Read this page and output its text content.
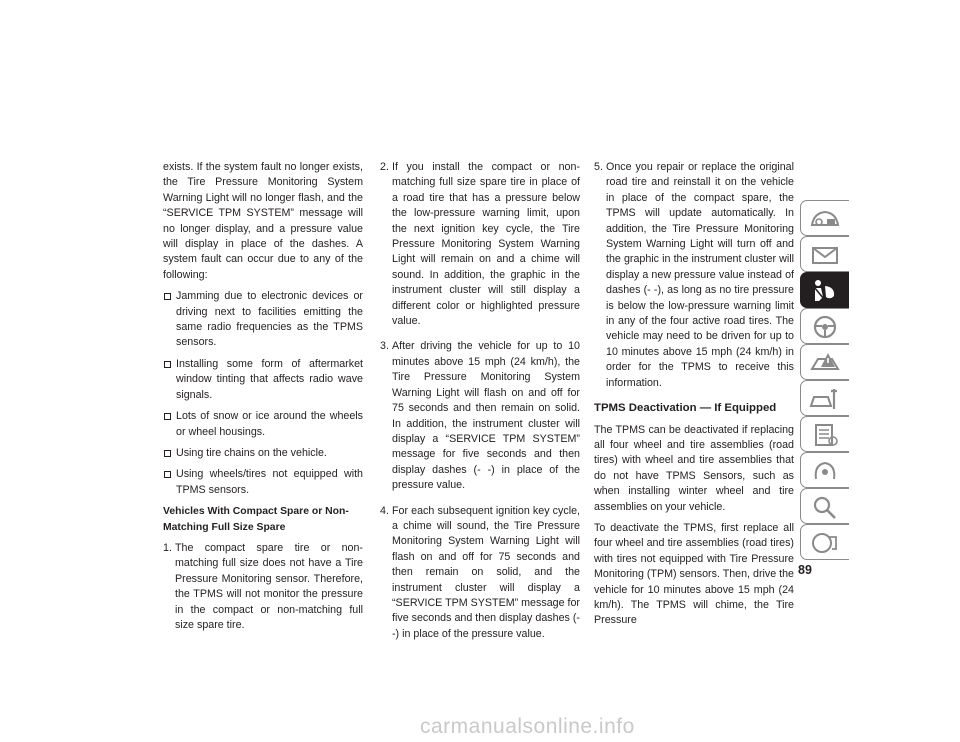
exists. If the system fault no longer exists, the Tire Pressure Monitoring System Warning Light will no longer flash, and the “SERVICE TPM SYSTEM” message will no longer display, and a pressure value will display in place of the dashes. A system fault can occur due to any of the following:

Jamming due to electronic devices or driving next to facilities emitting the same radio frequencies as the TPMS sensors.
Installing some form of aftermarket window tinting that affects radio wave signals.
Lots of snow or ice around the wheels or wheel housings.
Using tire chains on the vehicle.
Using wheels/tires not equipped with TPMS sensors.
Vehicles With Compact Spare or Non-Matching Full Size Spare
1. The compact spare tire or non-matching full size does not have a Tire Pressure Monitoring sensor. Therefore, the TPMS will not monitor the pressure in the compact or non-matching full size spare tire.
2. If you install the compact or non-matching full size spare tire in place of a road tire that has a pressure below the low-pressure warning limit, upon the next ignition key cycle, the Tire Pressure Monitoring System Warning Light will remain on and a chime will sound. In addition, the graphic in the instrument cluster will still display a different color or highlighted pressure value.
3. After driving the vehicle for up to 10 minutes above 15 mph (24 km/h), the Tire Pressure Monitoring System Warning Light will flash on and off for 75 seconds and then remain on solid. In addition, the instrument cluster will display a “SERVICE TPM SYSTEM” message for five seconds and then display dashes (- -) in place of the pressure value.
4. For each subsequent ignition key cycle, a chime will sound, the Tire Pressure Monitoring System Warning Light will flash on and off for 75 seconds and then remain on solid, and the instrument cluster will display a “SERVICE TPM SYSTEM” message for five seconds and then display dashes (- -) in place of the pressure value.
5. Once you repair or replace the original road tire and reinstall it on the vehicle in place of the compact spare, the TPMS will update automatically. In addition, the Tire Pressure Monitoring System Warning Light will turn off and the graphic in the instrument cluster will display a new pressure value instead of dashes (- -), as long as no tire pressure is below the low-pressure warning limit in any of the four active road tires. The vehicle may need to be driven for up to 10 minutes above 15 mph (24 km/h) in order for the TPMS to receive this information.
TPMS Deactivation — If Equipped

The TPMS can be deactivated if replacing all four wheel and tire assemblies (road tires) with wheel and tire assemblies that do not have TPMS Sensors, such as when installing winter wheel and tire assemblies on your vehicle.

To deactivate the TPMS, first replace all four wheel and tire assemblies (road tires) with tires not equipped with Tire Pressure Monitoring (TPM) sensors. Then, drive the vehicle for 10 minutes above 15 mph (24 km/h). The TPMS will chime, the Tire Pressure

89
carmanualsonline.info
